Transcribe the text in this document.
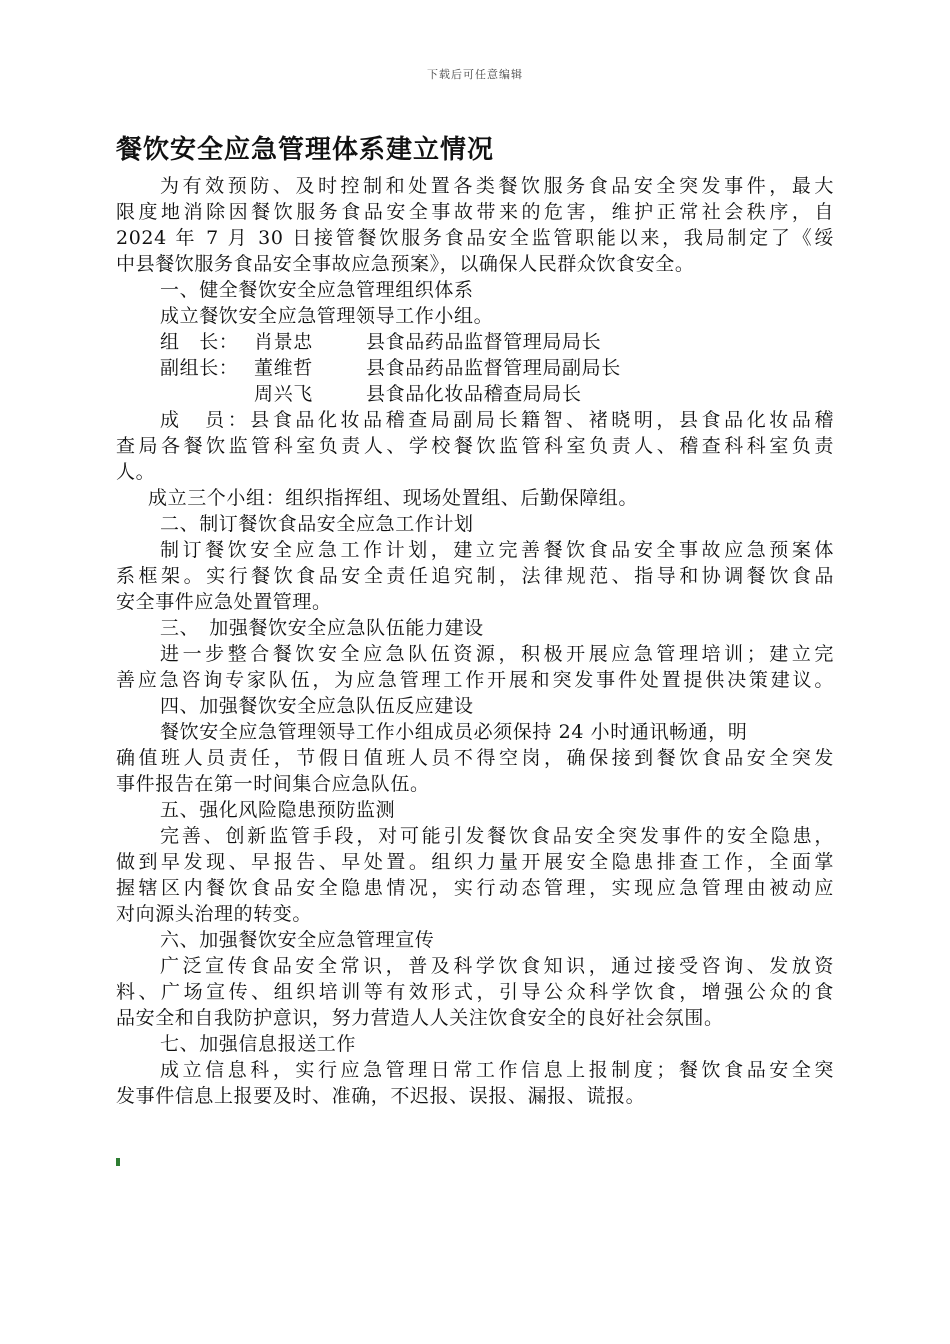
下载后可任意编辑
餐饮安全应急管理体系建立情况
为有效预防、及时控制和处置各类餐饮服务食品安全突发事件，最大
限度地消除因餐饮服务食品安全事故带来的危害，维护正常社会秩序，自
2024 年 7 月 30 日接管餐饮服务食品安全监管职能以来，我局制定了《绥
中县餐饮服务食品安全事故应急预案》，以确保人民群众饮食安全。
一、健全餐饮安全应急管理组织体系
成立餐饮安全应急管理领导工作小组。
组　长： 肖景忠	县食品药品监督管理局局长
副组长： 董维哲	县食品药品监督管理局副局长
周兴飞	县食品化妆品稽查局局长
成　员：县食品化妆品稽查局副局长籍智、褚晓明，县食品化妆品稽
查局各餐饮监管科室负责人、学校餐饮监管科室负责人、稽查科科室负责
人。
成立三个小组：组织指挥组、现场处置组、后勤保障组。
二、制订餐饮食品安全应急工作计划
制订餐饮安全应急工作计划，建立完善餐饮食品安全事故应急预案体
系框架。实行餐饮食品安全责任追究制，法律规范、指导和协调餐饮食品
安全事件应急处置管理。
三、　加强餐饮安全应急队伍能力建设
进一步整合餐饮安全应急队伍资源，积极开展应急管理培训；建立完
善应急咨询专家队伍，为应急管理工作开展和突发事件处置提供决策建议。
四、加强餐饮安全应急队伍反应建设
餐饮安全应急管理领导工作小组成员必须保持 24 小时通讯畅通，明
确值班人员责任，节假日值班人员不得空岗，确保接到餐饮食品安全突发
事件报告在第一时间集合应急队伍。
五、强化风险隐患预防监测
完善、创新监管手段，对可能引发餐饮食品安全突发事件的安全隐患，
做到早发现、早报告、早处置。组织力量开展安全隐患排查工作，全面掌
握辖区内餐饮食品安全隐患情况，实行动态管理，实现应急管理由被动应
对向源头治理的转变。
六、加强餐饮安全应急管理宣传
广泛宣传食品安全常识，普及科学饮食知识，通过接受咨询、发放资
料、广场宣传、组织培训等有效形式，引导公众科学饮食，增强公众的食
品安全和自我防护意识，努力营造人人关注饮食安全的良好社会氛围。
七、加强信息报送工作
成立信息科，实行应急管理日常工作信息上报制度；餐饮食品安全突
发事件信息上报要及时、准确，不迟报、误报、漏报、谎报。
